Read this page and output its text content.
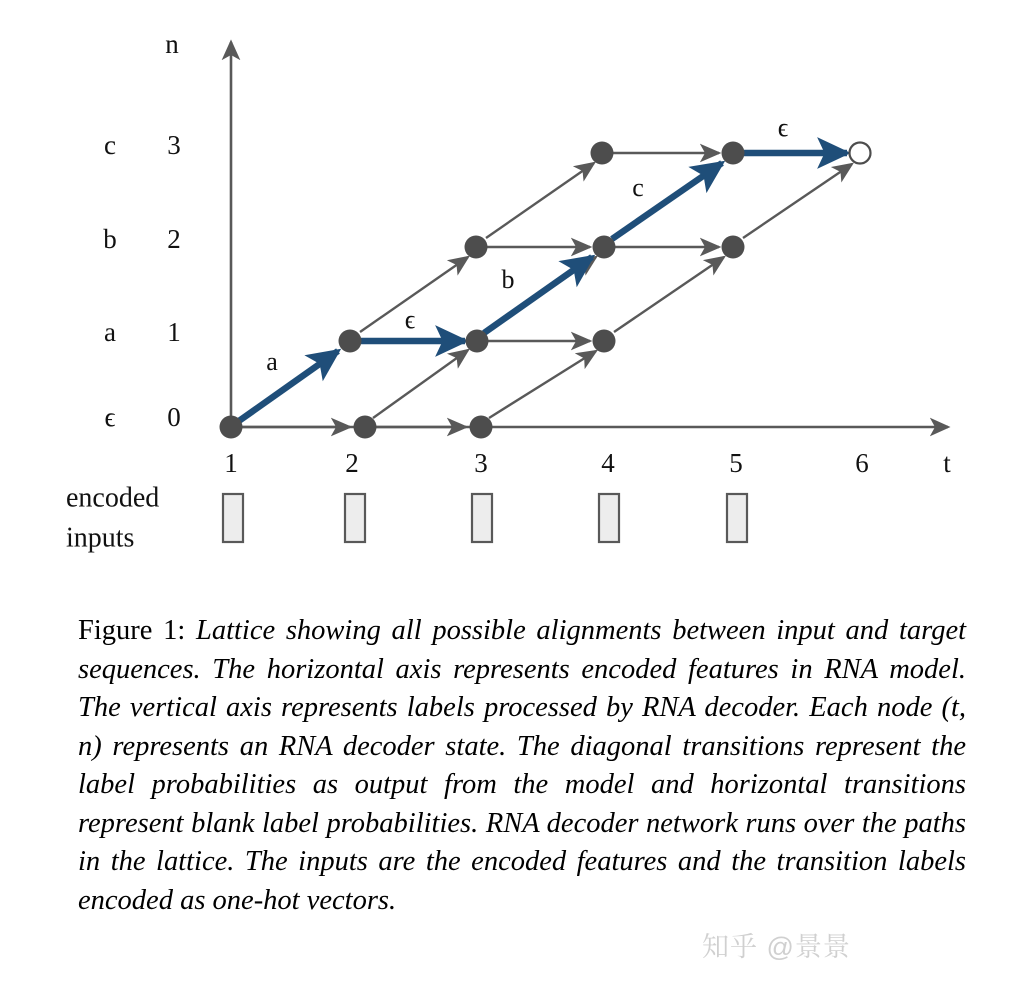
n
t
c 3
b 2
a 1
ϵ 0
1	2	3	4	5	6
a
ϵ
b
c
ϵ
encoded
inputs
Figure 1: Lattice showing all possible alignments between input and target sequences. The horizontal axis represents encoded features in RNA model. The vertical axis represents labels processed by RNA decoder. Each node (t, n) represents an RNA decoder state. The diagonal transitions represent the label probabilities as output from the model and horizontal transitions represent blank label probabilities. RNA decoder network runs over the paths in the lattice. The inputs are the encoded features and the transition labels encoded as one-hot vectors.
知乎 @景景
